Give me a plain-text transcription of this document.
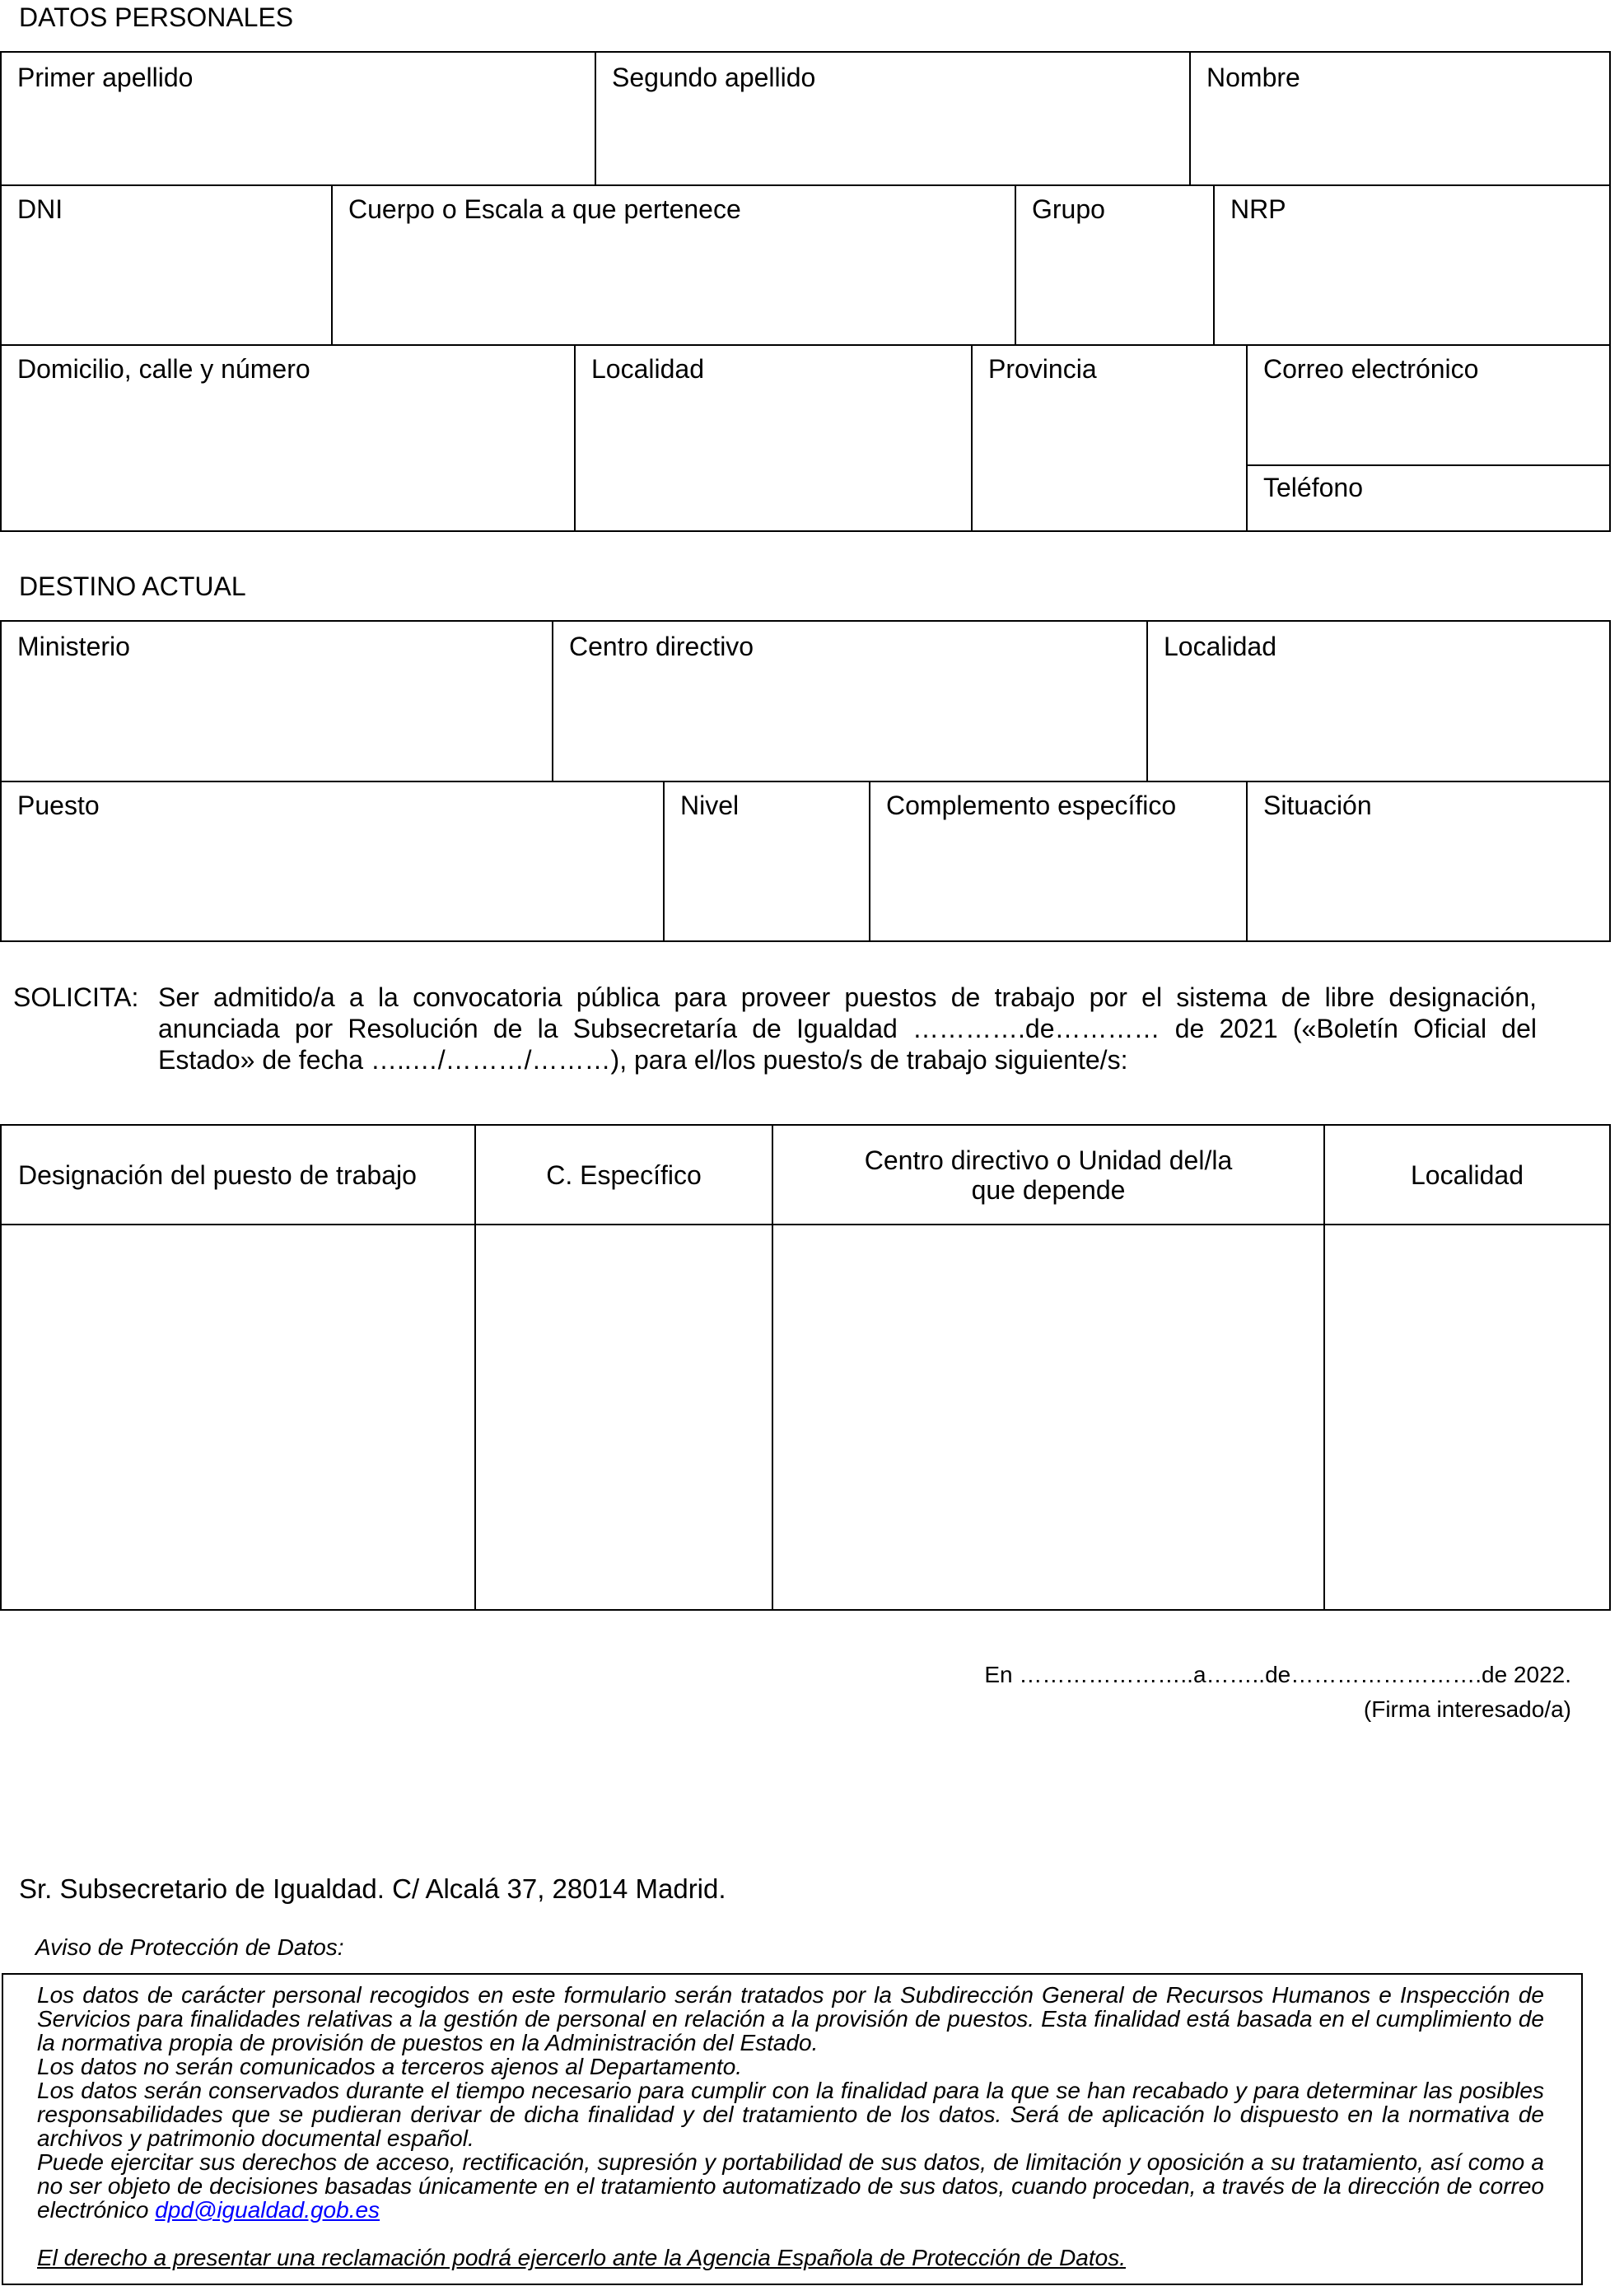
DATOS PERSONALES
Primer apellido	Segundo apellido	Nombre
DNI	Cuerpo o Escala a que pertenece	Grupo	NRP
Domicilio, calle y número	Localidad	Provincia	Correo electrónico
Teléfono
DESTINO ACTUAL
Ministerio	Centro directivo	Localidad
Puesto	Nivel	Complemento específico	Situación
SOLICITA: Ser admitido/a a la convocatoria pública para proveer puestos de trabajo por el sistema de libre designación, anunciada por Resolución de la Subsecretaría de Igualdad ………….de………… de 2021 («Boletín Oficial del Estado» de fecha …..…/………/………), para el/los puesto/s de trabajo siguiente/s:
Designación del puesto de trabajo	C. Específico	Centro directivo o Unidad del/la que depende	Localidad
En …………………..a……..de…………………….de 2022.
(Firma interesado/a)
Sr. Subsecretario de Igualdad. C/ Alcalá 37, 28014 Madrid.
Aviso de Protección de Datos:

Los datos de carácter personal recogidos en este formulario serán tratados por la Subdirección General de Recursos Humanos e Inspección de Servicios para finalidades relativas a la gestión de personal en relación a la provisión de puestos. Esta finalidad está basada en el cumplimiento de la normativa propia de provisión de puestos en la Administración del Estado.

Los datos no serán comunicados a terceros ajenos al Departamento.

Los datos serán conservados durante el tiempo necesario para cumplir con la finalidad para la que se han recabado y para determinar las posibles responsabilidades que se pudieran derivar de dicha finalidad y del tratamiento de los datos. Será de aplicación lo dispuesto en la normativa de archivos y patrimonio documental español.

Puede ejercitar sus derechos de acceso, rectificación, supresión y portabilidad de sus datos, de limitación y oposición a su tratamiento, así como a no ser objeto de decisiones basadas únicamente en el tratamiento automatizado de sus datos, cuando procedan, a través de la dirección de correo electrónico dpd@igualdad.gob.es

El derecho a presentar una reclamación podrá ejercerlo ante la Agencia Española de Protección de Datos.
